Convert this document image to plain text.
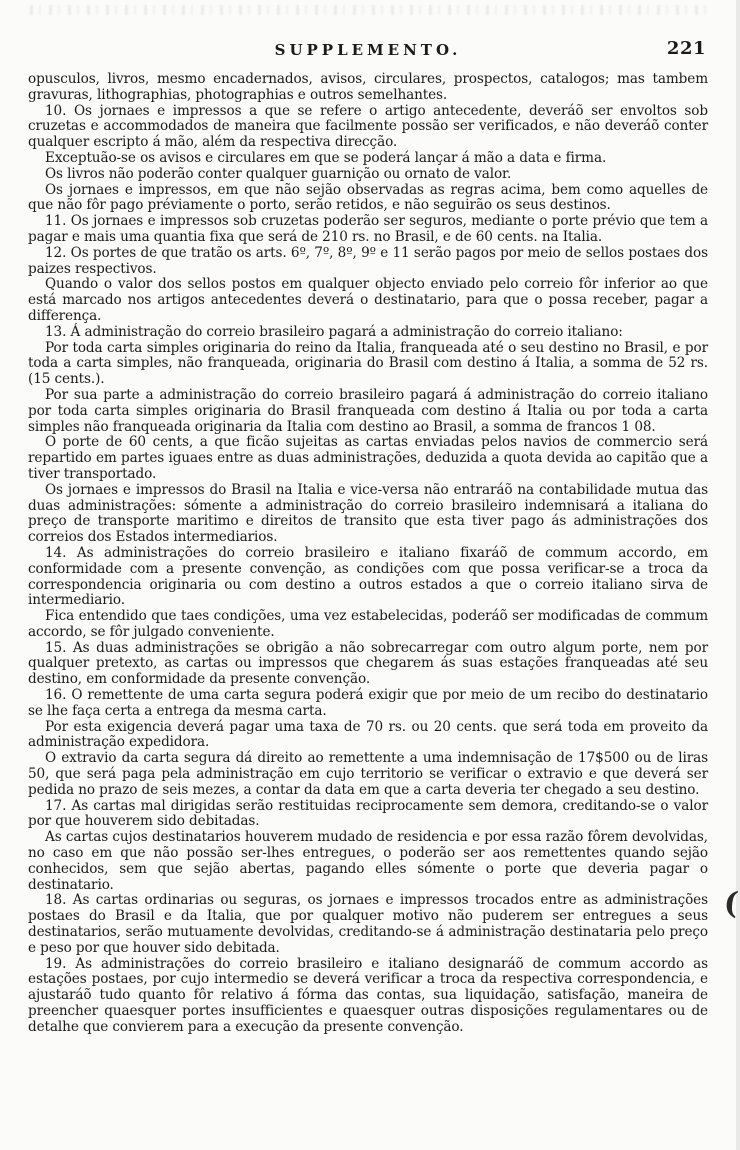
SUPPLEMENTO.	221

opusculos, livros, mesmo encadernados, avisos, circulares, prospectos, catalogos; mas tambem gravuras, lithographias, photographias e outros semelhantes.

10. Os jornaes e impressos a que se refere o artigo antecedente, deveráõ ser envoltos sob cruzetas e accommodados de maneira que facilmente possão ser verificados, e não deveráõ conter qualquer escripto á mão, além da respectiva direcção.

Exceptuão-se os avisos e circulares em que se poderá lançar á mão a data e firma.

Os livros não poderão conter qualquer guarnição ou ornato de valor.

Os jornaes e impressos, em que não sejão observadas as regras acima, bem como aquelles de que não fôr pago préviamente o porto, serão retidos, e não seguirão os seus destinos.

11. Os jornaes e impressos sob cruzetas poderão ser seguros, mediante o porte prévio que tem a pagar e mais uma quantia fixa que será de 210 rs. no Brasil, e de 60 cents. na Italia.

12. Os portes de que tratão os arts. 6º, 7º, 8º, 9º e 11 serão pagos por meio de sellos postaes dos paizes respectivos.

Quando o valor dos sellos postos em qualquer objecto enviado pelo correio fôr inferior ao que está marcado nos artigos antecedentes deverá o destinatario, para que o possa receber, pagar a differença.

13. Á administração do correio brasileiro pagará a administração do correio italiano:

Por toda carta simples originaria do reino da Italia, franqueada até o seu destino no Brasil, e por toda a carta simples, não franqueada, originaria do Brasil com destino á Italia, a somma de 52 rs. (15 cents.).

Por sua parte a administração do correio brasileiro pagará á administração do correio italiano por toda carta simples originaria do Brasil franqueada com destino á Italia ou por toda a carta simples não franqueada originaria da Italia com destino ao Brasil, a somma de francos 1 08.

O porte de 60 cents, a que ficão sujeitas as cartas enviadas pelos navios de commercio será repartido em partes iguaes entre as duas administrações, deduzida a quota devida ao capitão que a tiver transportado.

Os jornaes e impressos do Brasil na Italia e vice-versa não entraráõ na contabilidade mutua das duas administrações: sómente a administração do correio brasileiro indemnisará a italiana do preço de transporte maritimo e direitos de transito que esta tiver pago ás administrações dos correios dos Estados intermediarios.

14. As administrações do correio brasileiro e italiano fixaráõ de commum accordo, em conformidade com a presente convenção, as condições com que possa verificar-se a troca da correspondencia originaria ou com destino a outros estados a que o correio italiano sirva de intermediario.

Fica entendido que taes condições, uma vez estabelecidas, poderáõ ser modificadas de commum accordo, se fôr julgado conveniente.

15. As duas administrações se obrigão a não sobrecarregar com outro algum porte, nem por qualquer pretexto, as cartas ou impressos que chegarem ás suas estações franqueadas até seu destino, em conformidade da presente convenção.

16. O remettente de uma carta segura poderá exigir que por meio de um recibo do destinatario se lhe faça certa a entrega da mesma carta.

Por esta exigencia deverá pagar uma taxa de 70 rs. ou 20 cents. que será toda em proveito da administração expedidora.

O extravio da carta segura dá direito ao remettente a uma indemnisação de 17$500 ou de liras 50, que será paga pela administração em cujo territorio se verificar o extravio e que deverá ser pedida no prazo de seis mezes, a contar da data em que a carta deveria ter chegado a seu destino.

17. As cartas mal dirigidas serão restituidas reciprocamente sem demora, creditando-se o valor por que houverem sido debitadas.

As cartas cujos destinatarios houverem mudado de residencia e por essa razão fôrem devolvidas, no caso em que não possão ser-lhes entregues, o poderão ser aos remettentes quando sejão conhecidos, sem que sejão abertas, pagando elles sómente o porte que deveria pagar o destinatario.

18. As cartas ordinarias ou seguras, os jornaes e impressos trocados entre as administrações postaes do Brasil e da Italia, que por qualquer motivo não puderem ser entregues a seus destinatarios, serão mutuamente devolvidas, creditando-se á administração destinataria pelo preço e peso por que houver sido debitada.

19. As administrações do correio brasileiro e italiano designaráõ de commum accordo as estações postaes, por cujo intermedio se deverá verificar a troca da respectiva correspondencia, e ajustaráõ tudo quanto fôr relativo á fórma das contas, sua liquidação, satisfação, maneira de preencher quaesquer portes insufficientes e quaesquer outras disposições regulamentares ou de detalhe que convierem para a execução da presente convenção.

(
